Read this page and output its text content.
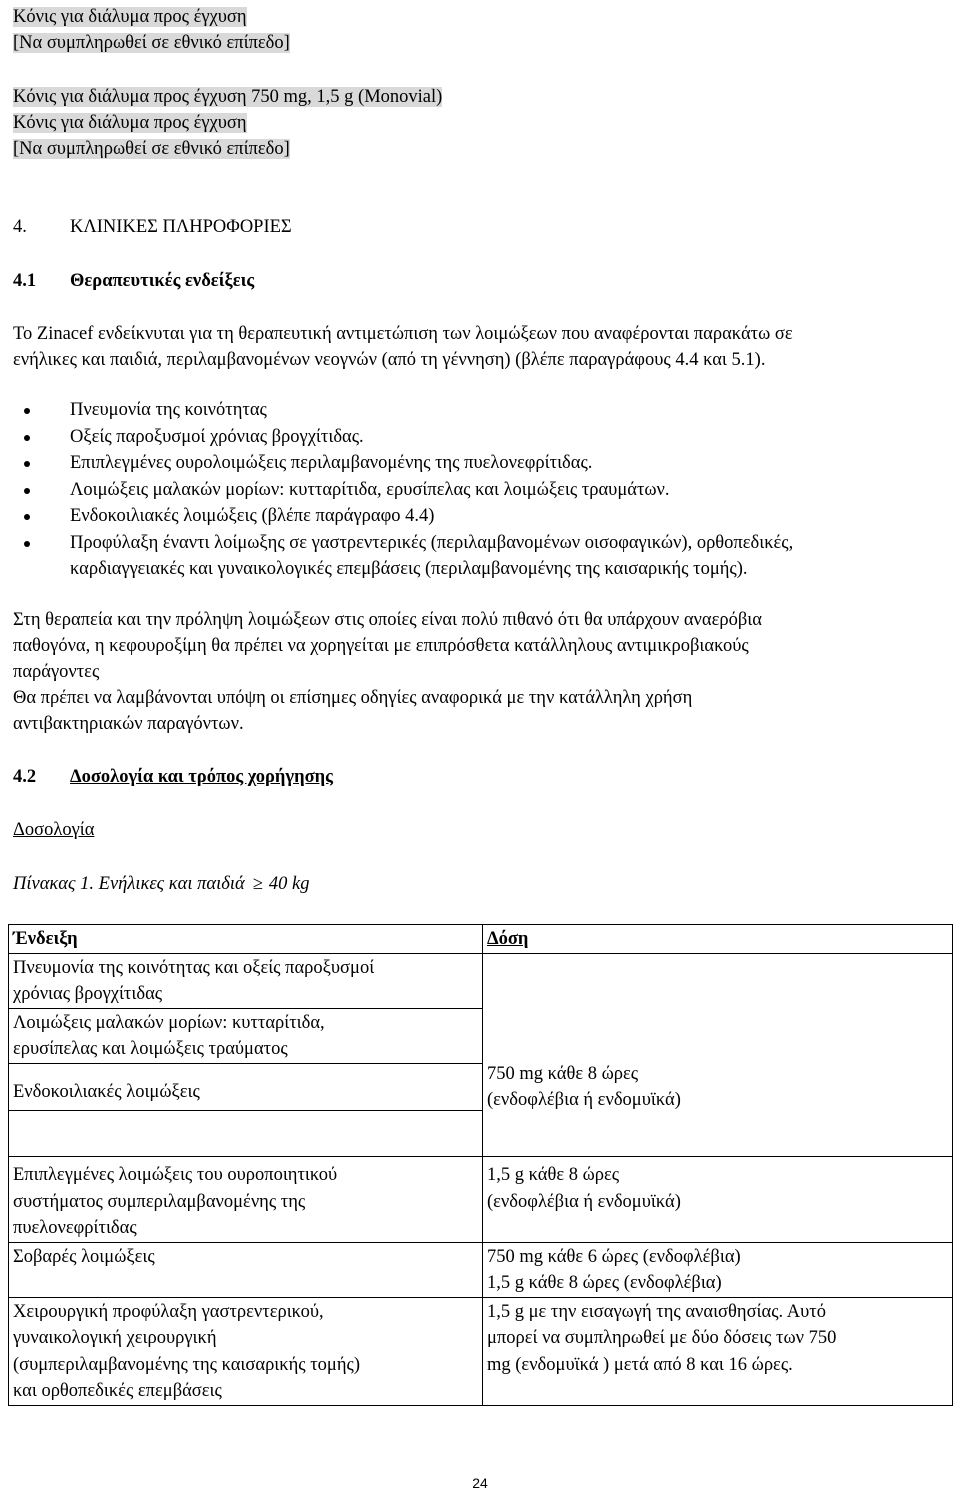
Κόνις για διάλυμα προς έγχυση
[Να συμπληρωθεί σε εθνικό επίπεδο]
Κόνις για διάλυμα προς έγχυση 750 mg, 1,5 g (Monovial)
Κόνις για διάλυμα προς έγχυση
[Να συμπληρωθεί σε εθνικό επίπεδο]
4. ΚΛΙΝΙΚΕΣ ΠΛΗΡΟΦΟΡΙΕΣ
4.1 Θεραπευτικές ενδείξεις
Το Zinacef ενδείκνυται για τη θεραπευτική αντιμετώπιση των λοιμώξεων που αναφέρονται παρακάτω σε
ενήλικες και παιδιά, περιλαμβανομένων νεογνών (από τη γέννηση) (βλέπε παραγράφους 4.4 και 5.1).
Πνευμονία της κοινότητας
Οξείς παροξυσμοί χρόνιας βρογχίτιδας.
Επιπλεγμένες ουρολοιμώξεις περιλαμβανομένης της πυελονεφρίτιδας.
Λοιμώξεις μαλακών μορίων: κυτταρίτιδα, ερυσίπελας και λοιμώξεις τραυμάτων.
Ενδοκοιλιακές λοιμώξεις (βλέπε παράγραφο 4.4)
Προφύλαξη έναντι λοίμωξης σε γαστρεντερικές (περιλαμβανομένων οισοφαγικών), ορθοπεδικές,
καρδιαγγειακές και γυναικολογικές επεμβάσεις (περιλαμβανομένης της καισαρικής τομής).
Στη θεραπεία και την πρόληψη λοιμώξεων στις οποίες είναι πολύ πιθανό ότι θα υπάρχουν αναερόβια
παθογόνα, η κεφουροξίμη θα πρέπει να χορηγείται με επιπρόσθετα κατάλληλους αντιμικροβιακούς
παράγοντες
Θα πρέπει να λαμβάνονται υπόψη οι επίσημες οδηγίες αναφορικά με την κατάλληλη χρήση
αντιβακτηριακών παραγόντων.
4.2 Δοσολογία και τρόπος χορήγησης
Δοσολογία
Πίνακας 1. Ενήλικες και παιδιά ≥ 40 kg
Ένδειξη	Δόση
Πνευμονία της κοινότητας και οξείς παροξυσμοί
χρόνιας βρογχίτιδας	750 mg κάθε 8 ώρες
(ενδοφλέβια ή ενδομυϊκά)
Λοιμώξεις μαλακών μορίων: κυτταρίτιδα,
ερυσίπελας και λοιμώξεις τραύματος	
Ενδοκοιλιακές λοιμώξεις	

Επιπλεγμένες λοιμώξεις του ουροποιητικού
συστήματος συμπεριλαμβανομένης της
πυελονεφρίτιδας	1,5 g κάθε 8 ώρες
(ενδοφλέβια ή ενδομυϊκά)
Σοβαρές λοιμώξεις	750 mg κάθε 6 ώρες (ενδοφλέβια)
1,5 g κάθε 8 ώρες (ενδοφλέβια)
Χειρουργική προφύλαξη γαστρεντερικού,
γυναικολογική χειρουργική
(συμπεριλαμβανομένης της καισαρικής τομής)
και ορθοπεδικές επεμβάσεις	1,5 g με την εισαγωγή της αναισθησίας. Αυτό
μπορεί να συμπληρωθεί με δύο δόσεις των 750
mg (ενδομυϊκά ) μετά από 8 και 16 ώρες.
24
